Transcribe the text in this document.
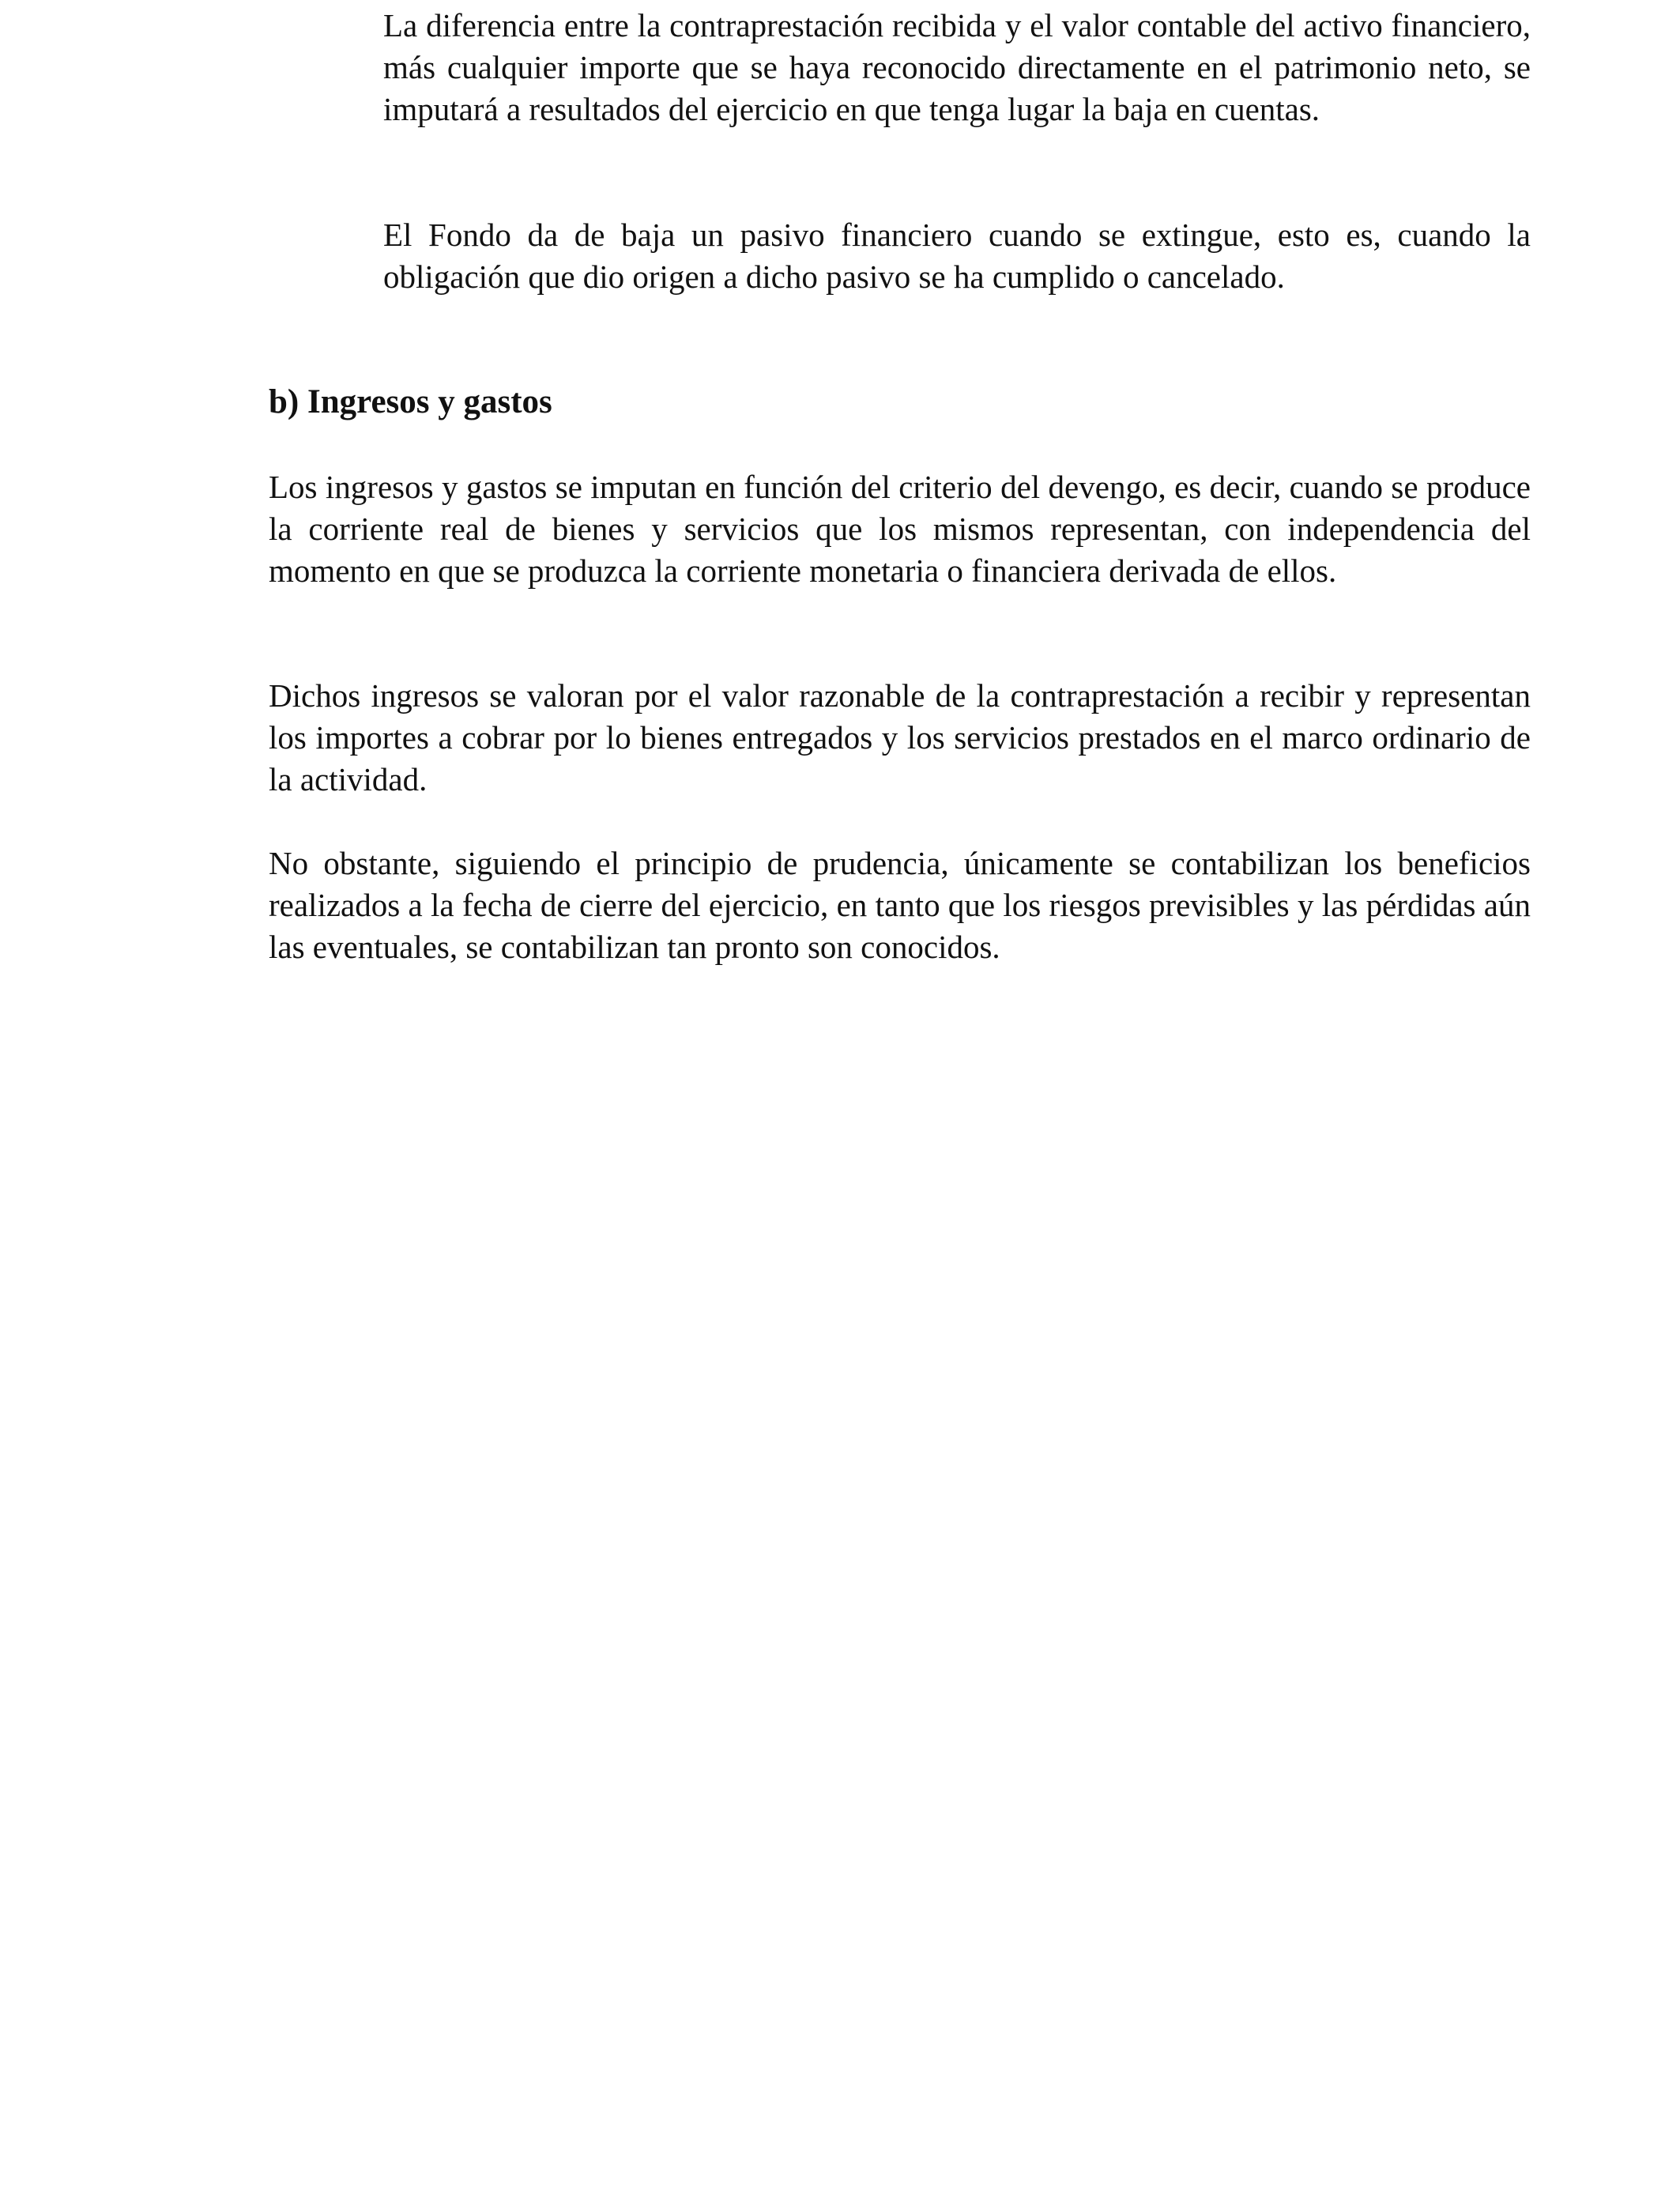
La diferencia entre la contraprestación recibida y el valor contable del activo financiero, más cualquier importe que se haya reconocido directamente en el patrimonio neto, se imputará a resultados del ejercicio en que tenga lugar la baja en cuentas.

El Fondo da de baja un pasivo financiero cuando se extingue, esto es, cuando la obligación que dio origen a dicho pasivo se ha cumplido o cancelado.

b) Ingresos y gastos

Los ingresos y gastos se imputan en función del criterio del devengo, es decir, cuando se produce la corriente real de bienes y servicios que los mismos representan, con independencia del momento en que se produzca la corriente monetaria o financiera derivada de ellos.

Dichos ingresos se valoran por el valor razonable de la contraprestación a recibir y representan los importes a cobrar por lo bienes entregados y los servicios prestados en el marco ordinario de la actividad.

No obstante, siguiendo el principio de prudencia, únicamente se contabilizan los beneficios realizados a la fecha de cierre del ejercicio, en tanto que los riesgos previsibles y las pérdidas aún las eventuales, se contabilizan tan pronto son conocidos.
